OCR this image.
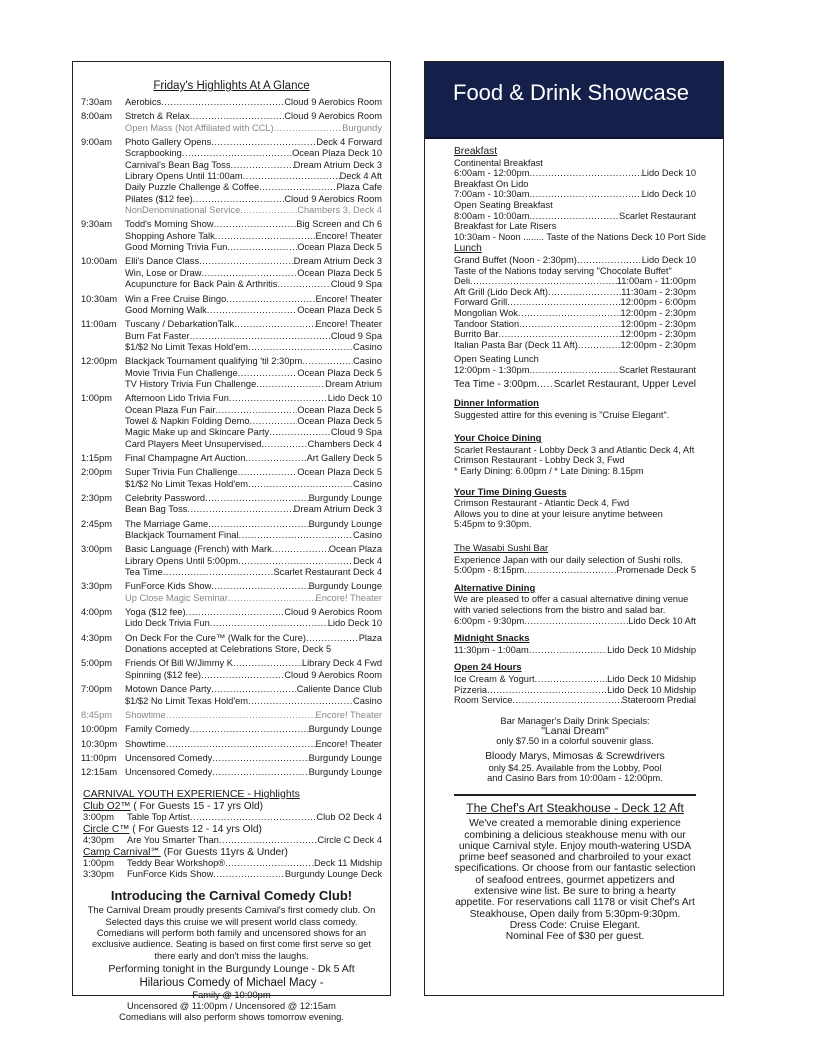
Friday's Highlights At A Glance
7:30am	Aerobics .....	Cloud 9 Aerobics Room
8:00am	Stretch & Relax .....	Cloud 9 Aerobics Room
Open Mass (Not Affiliated with CCL) .....	Burgundy
9:00am	Photo Gallery Opens .....	Deck 4 Forward
Scrapbooking .....	Ocean Plaza Deck 10
Carnival's Bean Bag Toss .....	Dream Atrium Deck 3
Library Opens Until 11:00am .....	Deck 4 Aft
Daily Puzzle Challenge & Coffee .....	Plaza Cafe
Pilates ($12 fee) .....	Cloud 9 Aerobics Room
NonDenominational Service .....	Chambers 3, Deck 4
9:30am	Todd's Morning Show .....	Big Screen and Ch 6
Shopping Ashore Talk .....	Encore! Theater
Good Morning Trivia Fun .....	Ocean Plaza Deck 5
10:00am Elli's Dance Class .....	Dream Atrium Deck 3
Win, Lose or Draw .....	Ocean Plaza Deck 5
Acupuncture for Back Pain & Arthritis .....	Cloud 9 Spa
10:30am Win a Free Cruise Bingo .....	Encore! Theater
Good Morning Walk .....	Ocean Plaza Deck 5
11:00am Tuscany / DebarkationTalk .....	Encore! Theater
Burn Fat Faster .....	Cloud 9 Spa
$1/$2 No Limit Texas Hold'em .....	Casino
12:00pm Blackjack Tournament qualifying 'til 2:30pm .....	Casino
Movie Trivia Fun Challenge .....	Ocean Plaza Deck 5
TV History Trivia Fun Challenge .....	Dream Atrium
1:00pm	Afternoon Lido Trivia Fun .....	Lido Deck 10
Ocean Plaza Fun Fair .....	Ocean Plaza Deck 5
Towel & Napkin Folding Demo .....	Ocean Plaza Deck 5
Magic Make up and Skincare Party .....	Cloud 9 Spa
Card Players Meet Unsupervised .....	Chambers Deck 4
1:15pm	Final Champagne Art Auction .....	Art Gallery Deck 5
2:00pm	Super Trivia Fun Challenge .....	Ocean Plaza Deck 5
$1/$2 No Limit Texas Hold'em .....	Casino
2:30pm	Celebrity Password .....	Burgundy Lounge
Bean Bag Toss .....	Dream Atrium Deck 3
2:45pm	The Marriage Game .....	Burgundy Lounge
Blackjack Tournament Final .....	Casino
3:00pm	Basic Language (French) with Mark .....	Ocean Plaza
Library Opens Until 5:00pm .....	Deck 4
Tea Time .....	Scarlet Restaurant Deck 4
3:30pm	FunForce Kids Show .....	Burgundy Lounge
Up Close Magic Seminar .....	Encore! Theater
4:00pm	Yoga ($12 fee) .....	Cloud 9 Aerobics Room
Lido Deck Trivia Fun .....	Lido Deck 10
4:30pm	On Deck For the Cure™ (Walk for the Cure) .....	Plaza
Donations accepted at Celebrations Store, Deck 5
5:00pm	Friends Of Bill W/Jimmy K .....	Library Deck 4 Fwd
Spinning ($12 fee) .....	Cloud 9 Aerobics Room
7:00pm	Motown Dance Party .....	Caliente Dance Club
$1/$2 No Limit Texas Hold'em .....	Casino
8:45pm	Showtime .....	Encore! Theater
10:00pm Family Comedy .....	Burgundy Lounge
10:30pm Showtime .....	Encore! Theater
11:00pm Uncensored Comedy .....	Burgundy Lounge
12:15am Uncensored Comedy .....	Burgundy Lounge
CARNIVAL YOUTH EXPERIENCE - Highlights
Club O2™ ( For Guests 15 - 17 yrs Old)
3:00pm	Table Top Artist .....	Club O2 Deck 4
Circle C™ ( For Guests 12 - 14 yrs Old)
4:30pm	Are You Smarter Than .....	Circle C Deck 4
Camp Carnival℠ (For Guests 11yrs & Under)
1:00pm	Teddy Bear Workshop® .....	Deck 11 Midship
3:30pm	FunForce Kids Show .....	Burgundy Lounge Deck
Introducing the Carnival Comedy Club!

The Carnival Dream proudly presents Carnival's first comedy club. On Selected days this cruise we will present world class comedy. Comedians will perform both family and uncensored shows for an exclusive audience. Seating is based on first come first serve so get there early and don't miss the laughs.

Performing tonight in the Burgundy Lounge - Dk 5 Aft

Hilarious Comedy of Michael Macy -

Family @ 10:00pm

Uncensored @ 11:00pm / Uncensored @ 12:15am

Comedians will also perform shows tomorrow evening.

Food & Drink Showcase
Breakfast
Continental Breakfast
6:00am - 12:00pm .....	Lido Deck 10
Breakfast On Lido
7:00am - 10:30am .....	Lido Deck 10
Open Seating Breakfast
8:00am - 10:00am .....	Scarlet Restaurant
Breakfast for Late Risers
10:30am - Noon ........ Taste of the Nations Deck 10 Port Side
Lunch
Grand Buffet (Noon - 2:30pm) .....	Lido Deck 10
Taste of the Nations today serving "Chocolate Buffet"
Deli .....	11:00am - 11:00pm
Aft Grill (Lido Deck Aft) .....	11:30am - 2:30pm
Forward Grill .....	12:00pm - 6:00pm
Mongolian Wok .....	12:00pm - 2:30pm
Tandoor Station .....	12:00pm - 2:30pm
Burrito Bar .....	12:00pm - 2:30pm
Italian Pasta Bar (Deck 11 Aft) .....	12:00pm - 2:30pm
Open Seating Lunch
12:00pm - 1:30pm .....	Scarlet Restaurant
Tea Time - 3:00pm ..... Scarlet Restaurant, Upper Level
Dinner Information
Suggested attire for this evening is "Cruise Elegant".
Your Choice Dining
Scarlet Restaurant - Lobby Deck 3 and Atlantic Deck 4, Aft
Crimson Restaurant - Lobby Deck 3, Fwd
* Early Dining: 6.00pm / * Late Dining: 8.15pm
Your Time Dining Guests
Crimson Restaurant - Atlantic Deck 4, Fwd
Allows you to dine at your leisure anytime between 5:45pm to 9:30pm.
The Wasabi Sushi Bar
Experience Japan with our daily selection of Sushi rolls.
5:00pm - 8:15pm .....	Promenade Deck 5
Alternative Dining
We are pleased to offer a casual alternative dining venue with varied selections from the bistro and salad bar.
6:00pm - 9:30pm .....	Lido Deck 10 Aft
Midnight Snacks
11:30pm - 1:00am .....	Lido Deck 10 Midship
Open 24 Hours
Ice Cream & Yogurt .....	Lido Deck 10 Midship
Pizzeria .....	Lido Deck 10 Midship
Room Service .....	Stateroom Predial
Bar Manager's Daily Drink Specials:
"Lanai Dream"
only $7.50 in a colorful souvenir glass.
Bloody Marys, Mimosas & Screwdrivers
only $4.25. Available from the Lobby, Pool
and Casino Bars from 10:00am - 12:00pm.
The Chef's Art Steakhouse - Deck 12 Aft

We've created a memorable dining experience combining a delicious steakhouse menu with our unique Carnival style. Enjoy mouth-watering USDA prime beef seasoned and charbroiled to your exact specifications. Or choose from our fantastic selection of seafood entrees, gourmet appetizers and extensive wine list. Be sure to bring a hearty appetite. For reservations call 1178 or visit Chef's Art Steakhouse, Open daily from 5:30pm-9:30pm.

Dress Code: Cruise Elegant.

Nominal Fee of $30 per guest.
